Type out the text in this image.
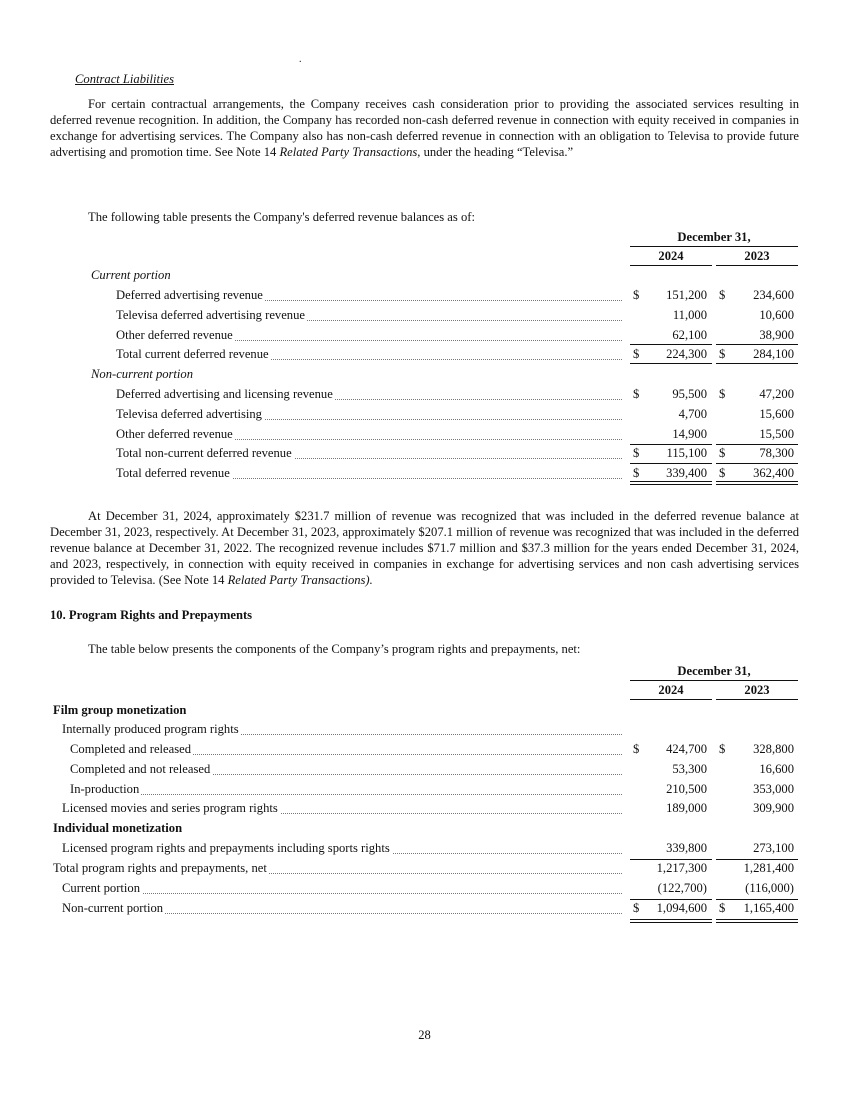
.
Contract Liabilities

For certain contractual arrangements, the Company receives cash consideration prior to providing the associated services resulting in deferred revenue recognition. In addition, the Company has recorded non-cash deferred revenue in connection with equity received in companies in exchange for advertising services. The Company also has non-cash deferred revenue in connection with an obligation to Televisa to provide future advertising and promotion time. See Note 14 Related Party Transactions, under the heading “Televisa.”

The following table presents the Company's deferred revenue balances as of:
December 31,
2024	2023
Current portion
Deferred advertising revenue	$	151,200 $	234,600
Televisa deferred advertising revenue	11,000	10,600
Other deferred revenue	62,100	38,900
Total current deferred revenue	$	224,300 $	284,100
Non-current portion
Deferred advertising and licensing revenue	$	95,500 $	47,200
Televisa deferred advertising	4,700	15,600
Other deferred revenue	14,900	15,500
Total non-current deferred revenue	$	115,100 $	78,300
Total deferred revenue	$	339,400 $	362,400

At December 31, 2024, approximately $231.7 million of revenue was recognized that was included in the deferred revenue balance at December 31, 2023, respectively. At December 31, 2023, approximately $207.1 million of revenue was recognized that was included in the deferred revenue balance at December 31, 2022. The recognized revenue includes $71.7 million and $37.3 million for the years ended December 31, 2024, and 2023, respectively, in connection with equity received in companies in exchange for advertising services and non cash advertising services provided to Televisa. (See Note 14 Related Party Transactions).

10. Program Rights and Prepayments
The table below presents the components of the Company’s program rights and prepayments, net:
December 31,
2024	2023
Film group monetization
Internally produced program rights
Completed and released	$	424,700 $	328,800
Completed and not released	53,300	16,600
In-production	210,500	353,000
Licensed movies and series program rights	189,000	309,900
Individual monetization
Licensed program rights and prepayments including sports rights	339,800	273,100
Total program rights and prepayments, net	1,217,300	1,281,400
Current portion	(122,700)	(116,000)
Non-current portion	$	1,094,600 $	1,165,400
28
